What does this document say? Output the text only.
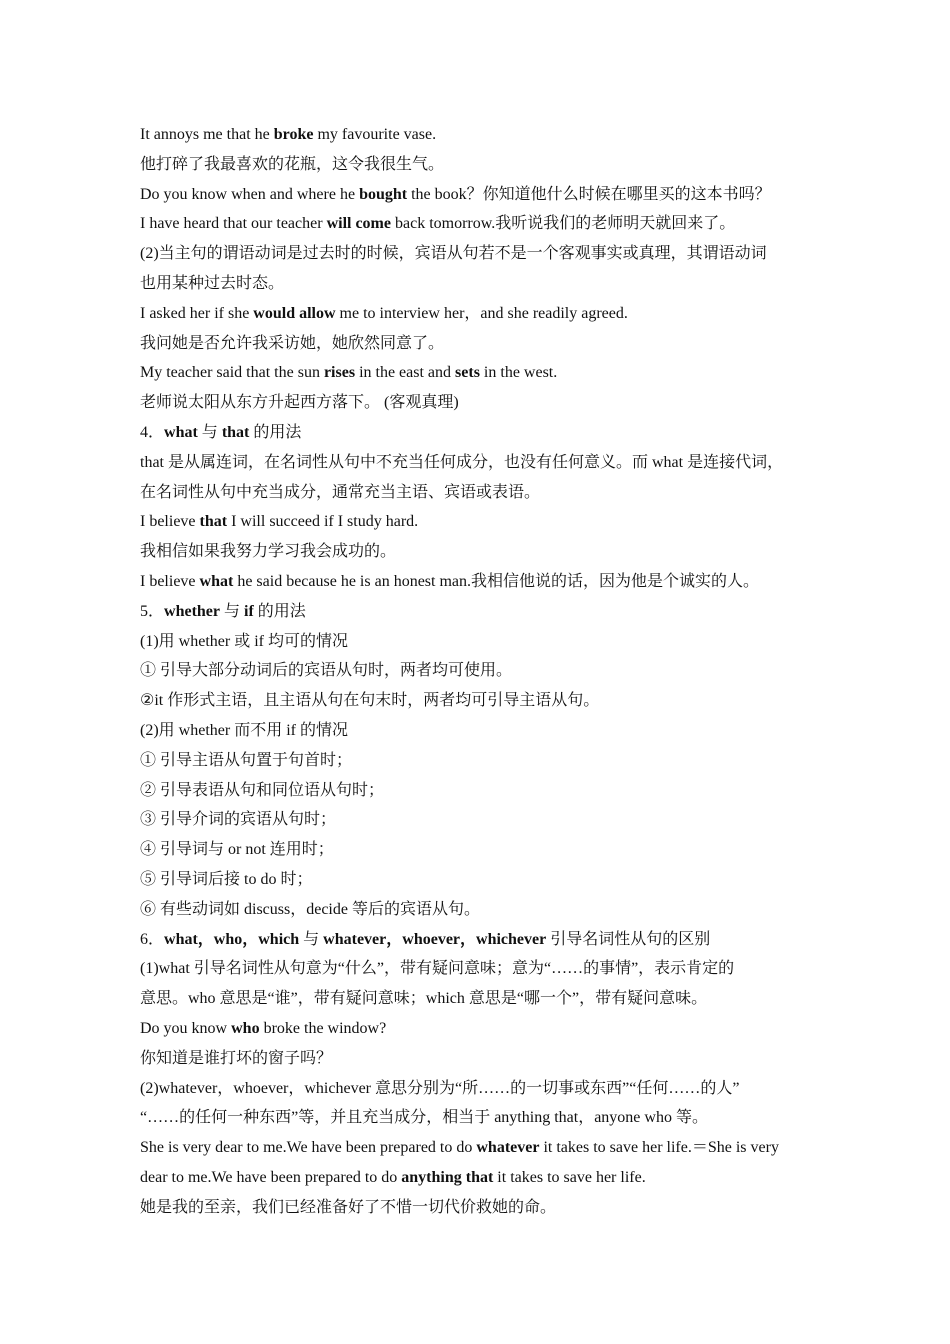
It annoys me that he broke my favourite vase.
他打碎了我最喜欢的花瓶，这令我很生气。
Do you know when and where he bought the book？你知道他什么时候在哪里买的这本书吗？
I have heard that our teacher will come back tomorrow.我听说我们的老师明天就回来了。
(2)当主句的谓语动词是过去时的时候，宾语从句若不是一个客观事实或真理，其谓语动词
也用某种过去时态。
I asked her if she would allow me to interview her，and she readily agreed.
我问她是否允许我采访她，她欣然同意了。
My teacher said that the sun rises in the east and sets in the west.
老师说太阳从东方升起西方落下。 (客观真理)
4．what 与 that 的用法
that 是从属连词，在名词性从句中不充当任何成分，也没有任何意义。而 what 是连接代词，
在名词性从句中充当成分，通常充当主语、宾语或表语。
I believe that I will succeed if I study hard.
我相信如果我努力学习我会成功的。
I believe what he said because he is an honest man.我相信他说的话，因为他是个诚实的人。
5．whether 与 if 的用法
(1)用 whether 或 if 均可的情况
① 引导大部分动词后的宾语从句时，两者均可使用。
②it 作形式主语，且主语从句在句末时，两者均可引导主语从句。
(2)用 whether 而不用 if 的情况
① 引导主语从句置于句首时；
② 引导表语从句和同位语从句时；
③ 引导介词的宾语从句时；
④ 引导词与 or not 连用时；
⑤ 引导词后接 to do 时；
⑥ 有些动词如 discuss，decide 等后的宾语从句。
6．what，who，which 与 whatever，whoever，whichever 引导名词性从句的区别
(1)what 引导名词性从句意为“什么”，带有疑问意味；意为“……的事情”，表示肯定的
意思。who 意思是“谁”，带有疑问意味；which 意思是“哪一个”，带有疑问意味。
Do you know who broke the window?
你知道是谁打坏的窗子吗？
(2)whatever，whoever，whichever 意思分别为“所……的一切事或东西”“任何……的人”
“……的任何一种东西”等，并且充当成分，相当于 anything that，anyone who 等。
She is very dear to me.We have been prepared to do whatever it takes to save her life.＝She is very
dear to me.We have been prepared to do anything that it takes to save her life.
她是我的至亲，我们已经准备好了不惜一切代价救她的命。
